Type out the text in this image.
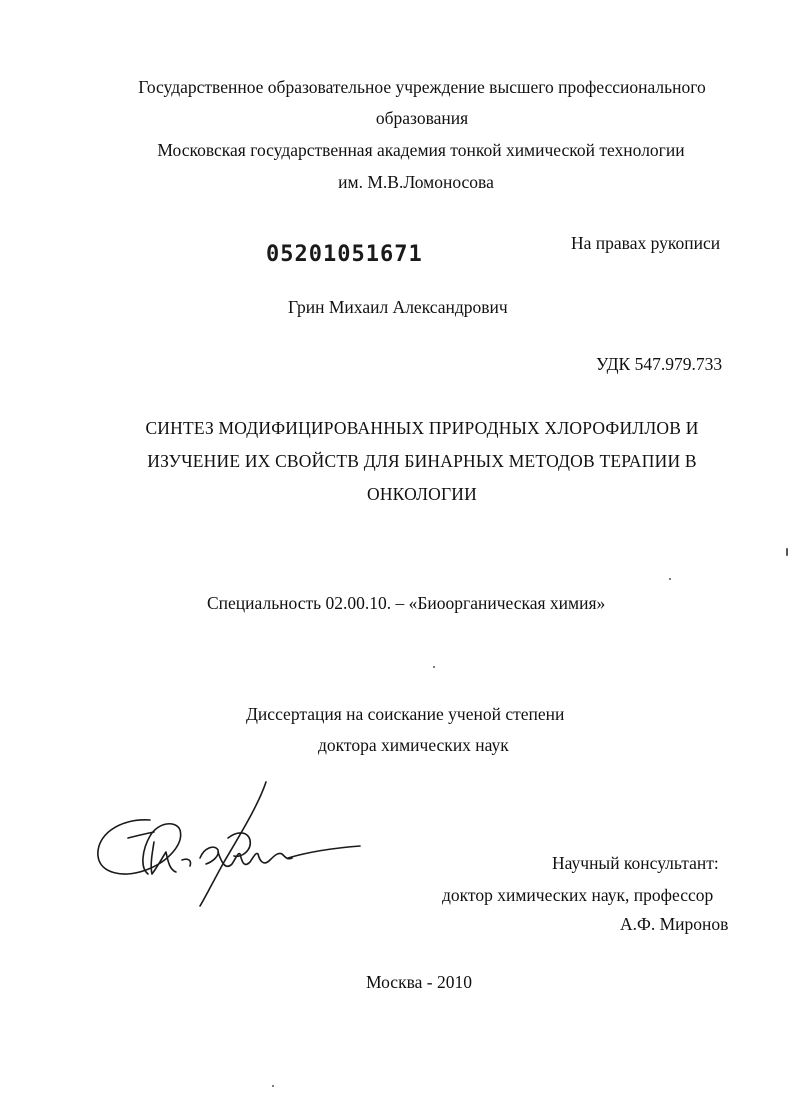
Государственное образовательное учреждение высшего профессионального
образования
Московская государственная академия тонкой химической технологии
им. М.В.Ломоносова
05201051671	На правах рукописи
Грин Михаил Александрович
УДК 547.979.733
СИНТЕЗ МОДИФИЦИРОВАННЫХ ПРИРОДНЫХ ХЛОРОФИЛЛОВ И
ИЗУЧЕНИЕ ИХ СВОЙСТВ ДЛЯ БИНАРНЫХ МЕТОДОВ ТЕРАПИИ В
ОНКОЛОГИИ
Специальность 02.00.10. – «Биоорганическая химия»
Диссертация на соискание ученой степени
доктора химических наук
Научный консультант:
доктор химических наук, профессор
А.Ф. Миронов
Москва - 2010
